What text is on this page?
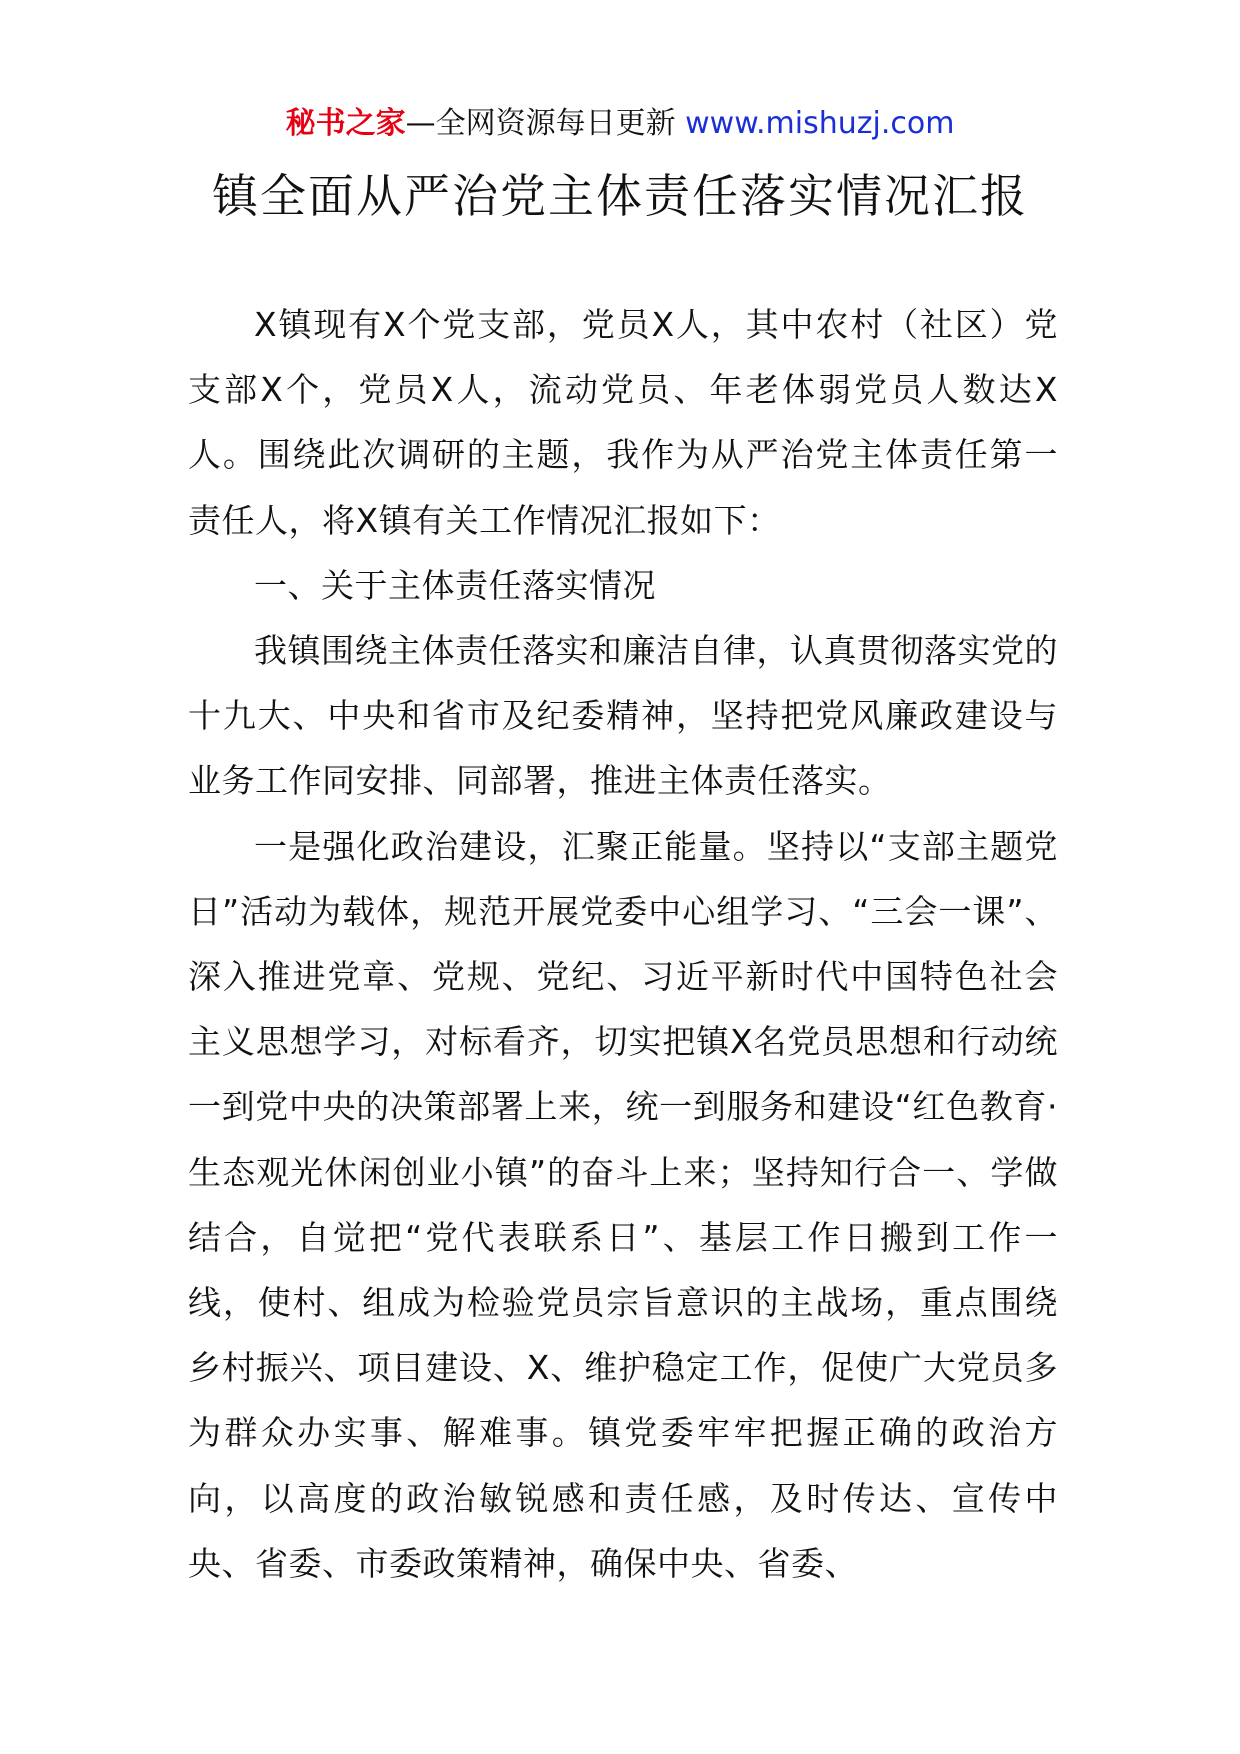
秘书之家—全网资源每日更新 www.mishuzj.com
镇全面从严治党主体责任落实情况汇报

X镇现有X个党支部，党员X人，其中农村（社区）党支部X个，党员X人，流动党员、年老体弱党员人数达X人。围绕此次调研的主题，我作为从严治党主体责任第一责任人，将X镇有关工作情况汇报如下：

一、关于主体责任落实情况

我镇围绕主体责任落实和廉洁自律，认真贯彻落实党的十九大、中央和省市及纪委精神，坚持把党风廉政建设与业务工作同安排、同部署，推进主体责任落实。

一是强化政治建设，汇聚正能量。坚持以“支部主题党日”活动为载体，规范开展党委中心组学习、“三会一课”、深入推进党章、党规、党纪、习近平新时代中国特色社会主义思想学习，对标看齐，切实把镇X名党员思想和行动统一到党中央的决策部署上来，统一到服务和建设“红色教育·生态观光休闲创业小镇”的奋斗上来；坚持知行合一、学做结合，自觉把“党代表联系日”、基层工作日搬到工作一线，使村、组成为检验党员宗旨意识的主战场，重点围绕乡村振兴、项目建设、X、维护稳定工作，促使广大党员多为群众办实事、解难事。镇党委牢牢把握正确的政治方向，以高度的政治敏锐感和责任感，及时传达、宣传中央、省委、市委政策精神，确保中央、省委、
